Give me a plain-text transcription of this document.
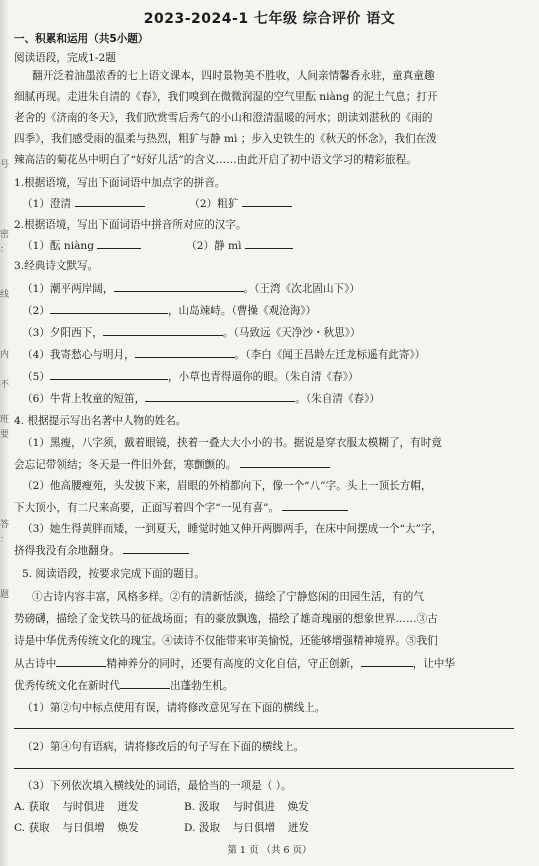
号
密
：
线
内
不
班
要
答
：
题
2023-2024-1 七年级 综合评价 语文
一、积累和运用（共5小题）
阅读语段，完成1-2题
翻开泛着油墨浓香的七上语文课本，四时景物美不胜收，人间亲情馨香永驻，童真童趣
细腻再现。走进朱自清的《春》，我们嗅到在微微润湿的空气里酝 niàng 的泥土气息；打开
老舍的《济南的冬天》，我们欣赏雪后秀气的小山和澄清温暖的河水；朗读刘湛秋的《雨的
四季》，我们感受雨的温柔与热烈，粗犷与静 mì ；步入史铁生的《秋天的怀念》，我们在泼
辣高洁的菊花丛中明白了“好好儿活”的含义……由此开启了初中语文学习的精彩旅程。
1.根据语境，写出下面词语中加点字的拼音。
（1）澄清	（2）粗犷
2.根据语境，写出下面词语中拼音所对应的汉字。
（1）酝 niàng	（2）静 mì
3.经典诗文默写。
（1）潮平两岸阔，	。（王湾《次北固山下》）
（2）	，山岛竦峙。（曹操《观沧海》）
（3）夕阳西下，	。（马致远《天净沙・秋思》）
（4）我寄愁心与明月，	。（李白《闻王昌龄左迁龙标遥有此寄》）
（5）	，小草也青得逼你的眼。（朱自清《春》）
（6）牛背上牧童的短笛，	。（朱自清《春》）
4. 根据提示写出名著中人物的姓名。
（1）黑瘦，八字须，戴着眼镜，挟着一叠大大小小的书。据说是穿衣服太模糊了，有时竟
会忘记带领结；冬天是一件旧外套，寒颤颤的。
（2）他高腰瘦苑，头发披下来，眉眼的外梢都向下，像一个“八”字。头上一顶长方帽，
下大顶小，有二尺来高要，正面写着四个字“一见有喜”。
（3）她生得黄胖而矮，一到夏天，睡觉时她又伸开两脚两手，在床中间摆成一个“大”字，
挤得我没有余地翻身。
5. 阅读语段，按要求完成下面的题目。
①古诗内容丰富，风格多样。②有的清新恬淡，描绘了宁静悠闲的田园生活，有的气
势磅礴，描绘了金戈铁马的征战场面；有的豪放飘逸，描绘了雄奇瑰丽的想象世界……③古
诗是中华优秀传统文化的瑰宝。④读诗不仅能带来审美愉悦，还能够增强精神境界。⑤我们
从古诗中	精神养分的同时，还要有高度的文化自信，守正创新，	，让中华
优秀传统文化在新时代	出蓬勃生机。
（1）第②句中标点使用有误，请将修改意见写在下面的横线上。
（2）第④句有语病，请将修改后的句子写在下面的横线上。
（3）下列依次填入横线处的词语，最恰当的一项是（ ）。
A. 获取 与时俱进 迸发	B. 汲取 与时俱进 焕发
C. 获取 与日俱增 焕发	D. 汲取 与日俱增 迸发
第 1 页 （共 6 页）
